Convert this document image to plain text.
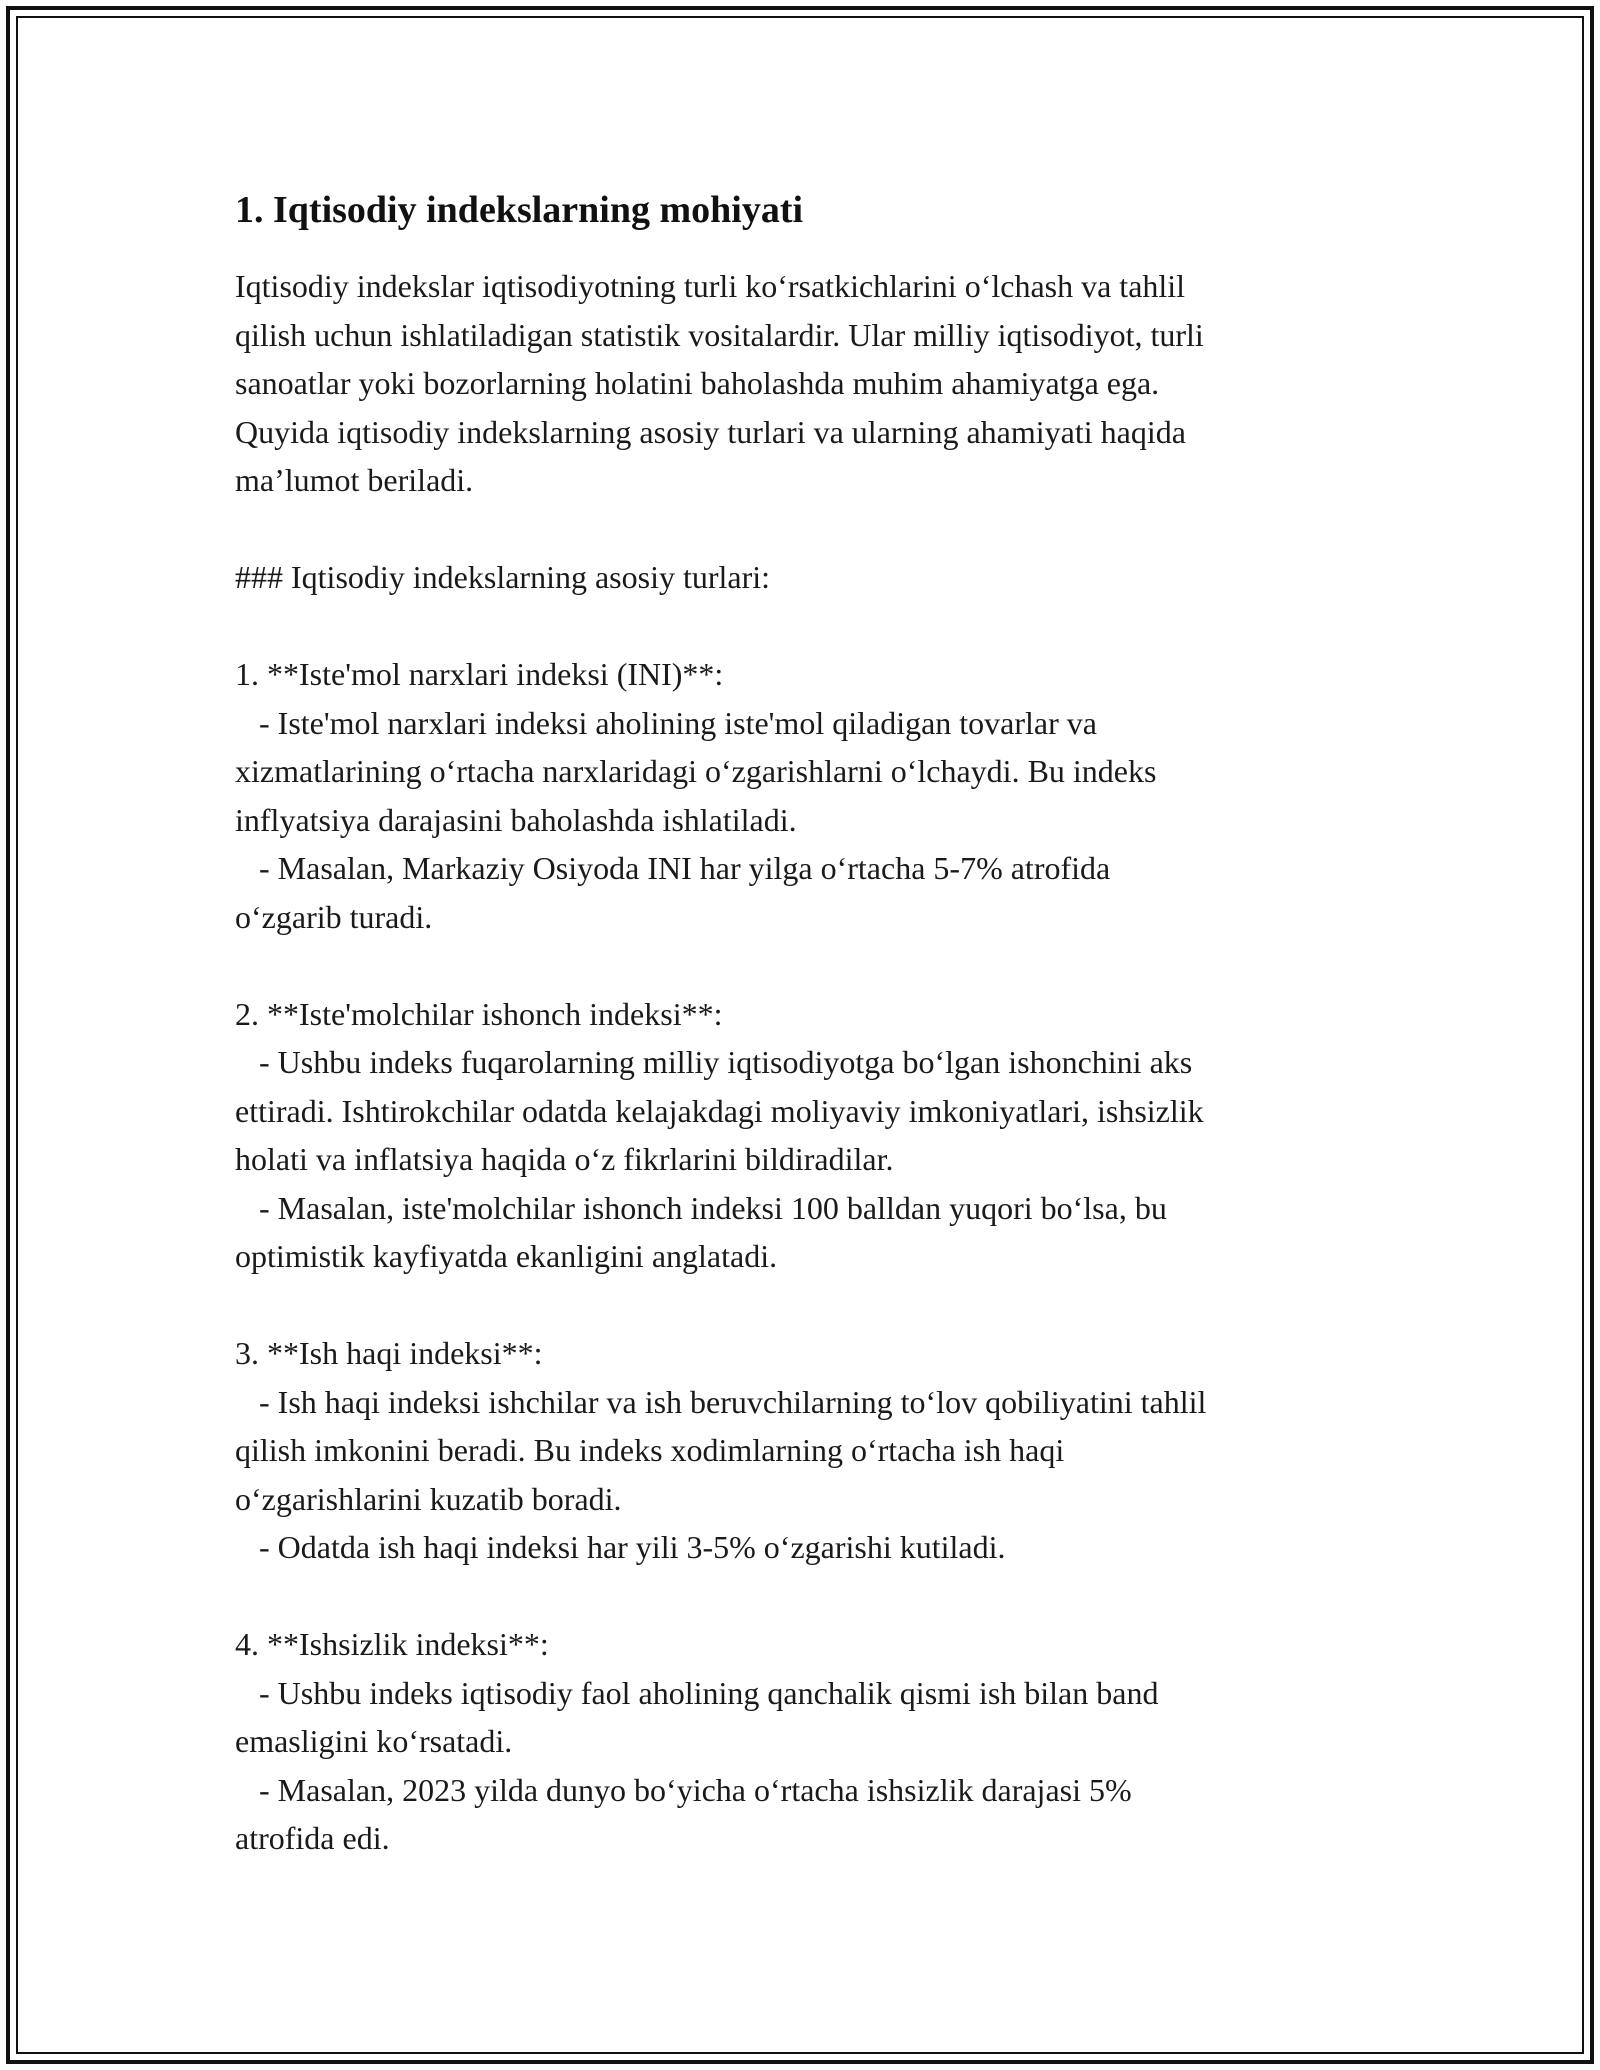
1. Iqtisodiy indekslarning mohiyati

Iqtisodiy indekslar iqtisodiyotning turli ko‘rsatkichlarini o‘lchash va tahlil
qilish uchun ishlatiladigan statistik vositalardir. Ular milliy iqtisodiyot, turli
sanoatlar yoki bozorlarning holatini baholashda muhim ahamiyatga ega.
Quyida iqtisodiy indekslarning asosiy turlari va ularning ahamiyati haqida
ma’lumot beriladi.

### Iqtisodiy indekslarning asosiy turlari:

1. **Iste'mol narxlari indeksi (INI)**:

- Iste'mol narxlari indeksi aholining iste'mol qiladigan tovarlar va
xizmatlarining o‘rtacha narxlaridagi o‘zgarishlarni o‘lchaydi. Bu indeks
inflyatsiya darajasini baholashda ishlatiladi.

- Masalan, Markaziy Osiyoda INI har yilga o‘rtacha 5-7% atrofida
o‘zgarib turadi.

2. **Iste'molchilar ishonch indeksi**:

- Ushbu indeks fuqarolarning milliy iqtisodiyotga bo‘lgan ishonchini aks
ettiradi. Ishtirokchilar odatda kelajakdagi moliyaviy imkoniyatlari, ishsizlik
holati va inflatsiya haqida o‘z fikrlarini bildiradilar.

- Masalan, iste'molchilar ishonch indeksi 100 balldan yuqori bo‘lsa, bu
optimistik kayfiyatda ekanligini anglatadi.

3. **Ish haqi indeksi**:

- Ish haqi indeksi ishchilar va ish beruvchilarning to‘lov qobiliyatini tahlil
qilish imkonini beradi. Bu indeks xodimlarning o‘rtacha ish haqi
o‘zgarishlarini kuzatib boradi.

- Odatda ish haqi indeksi har yili 3-5% o‘zgarishi kutiladi.

4. **Ishsizlik indeksi**:

- Ushbu indeks iqtisodiy faol aholining qanchalik qismi ish bilan band
emasligini ko‘rsatadi.

- Masalan, 2023 yilda dunyo bo‘yicha o‘rtacha ishsizlik darajasi 5%
atrofida edi.
